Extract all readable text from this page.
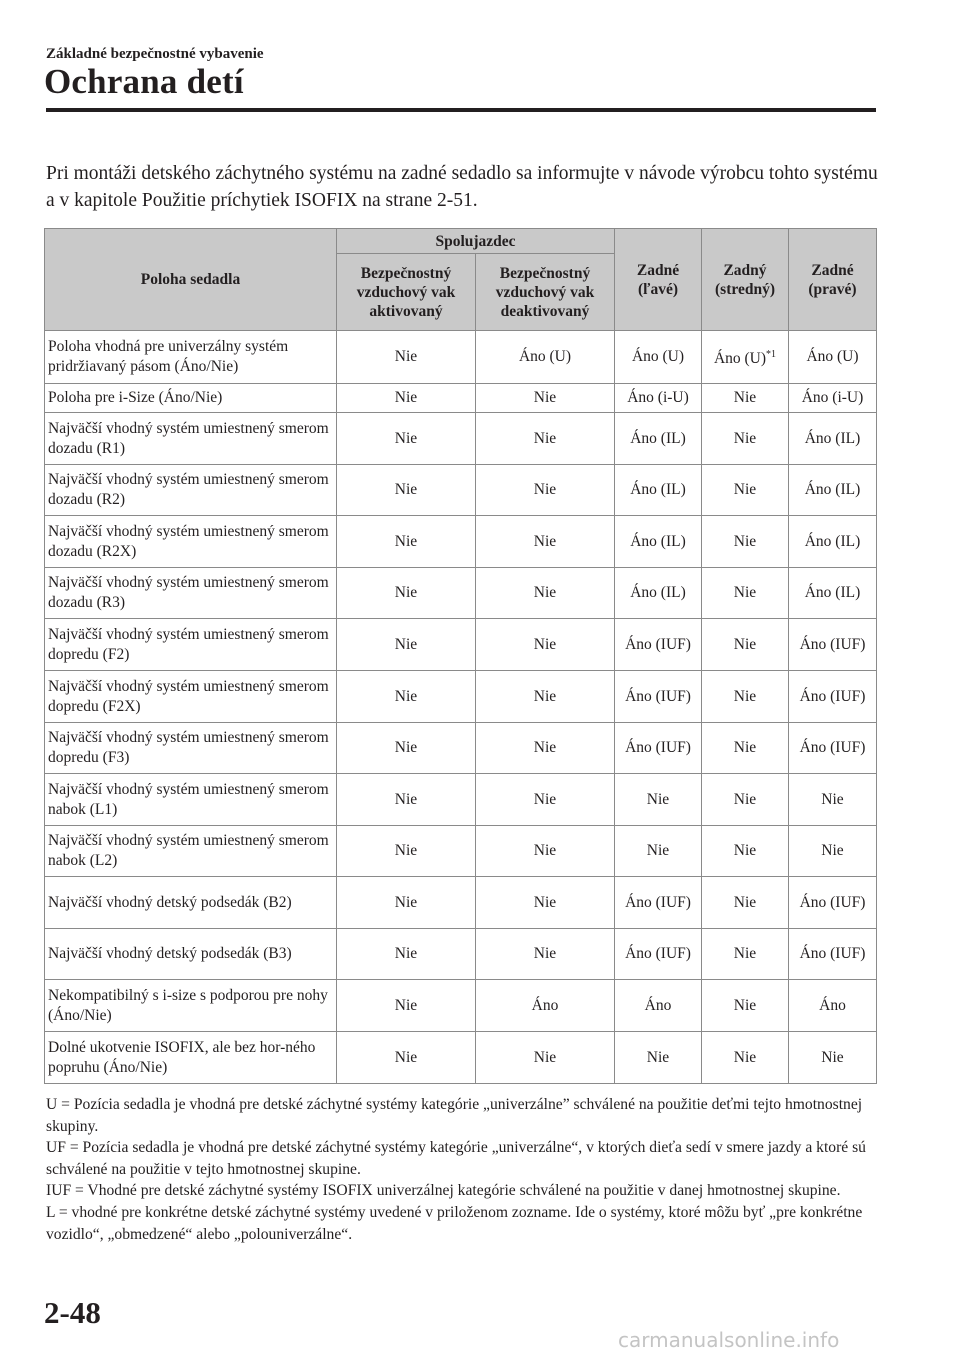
Základné bezpečnostné vybavenie
Ochrana detí
Pri montáži detského záchytného systému na zadné sedadlo sa informujte v návode výrobcu tohto systému a v kapitole Použitie príchytiek ISOFIX na strane 2-51.
Poloha sedadla	Spolujazdec		Zadné (ľavé)	Zadný (stredný)	Zadné (pravé)
	Bezpečnostný vzduchový vak aktivovaný	Bezpečnostný vzduchový vak deaktivovaný			
Poloha vhodná pre univerzálny systém pridržiavaný pásom (Áno/Nie)	Nie	Áno (U)	Áno (U)	Áno $(U)^{*1}$	Áno (U)
Poloha pre i-Size (Áno/Nie)	Nie	Nie	Áno (i-U)	Nie	Áno (i-U)
Najväčší vhodný systém umiestnený smerom dozadu (R1)	Nie	Nie	Áno (IL)	Nie	Áno (IL)
Najväčší vhodný systém umiestnený smerom dozadu (R2)	Nie	Nie	Áno (IL)	Nie	Áno (IL)
Najväčší vhodný systém umiestnený smerom dozadu (R2X)	Nie	Nie	Áno (IL)	Nie	Áno (IL)
Najväčší vhodný systém umiestnený smerom dozadu (R3)	Nie	Nie	Áno (IL)	Nie	Áno (IL)
Najväčší vhodný systém umiestnený smerom dopredu (F2)	Nie	Nie	Áno (IUF)	Nie	Áno (IUF)
Najväčší vhodný systém umiestnený smerom dopredu (F2X)	Nie	Nie	Áno (IUF)	Nie	Áno (IUF)
Najväčší vhodný systém umiestnený smerom dopredu (F3)	Nie	Nie	Áno (IUF)	Nie	Áno (IUF)
Najväčší vhodný systém umiestnený smerom nabok (L1)	Nie	Nie	Nie	Nie	Nie
Najväčší vhodný systém umiestnený smerom nabok (L2)	Nie	Nie	Nie	Nie	Nie
Najväčší vhodný detský podsedák (B2)	Nie	Nie	Áno (IUF)	Nie	Áno (IUF)
Najväčší vhodný detský podsedák (B3)	Nie	Nie	Áno (IUF)	Nie	Áno (IUF)
Nekompatibilný s i-size s podporou pre nohy (Áno/Nie)	Nie	Áno	Áno	Nie	Áno
Dolné ukotvenie ISOFIX, ale bez hor-ného popruhu (Áno/Nie)	Nie	Nie	Nie	Nie	Nie

U = Pozícia sedadla je vhodná pre detské záchytné systémy kategórie „univerzálne” schválené na použitie deťmi tejto hmotnostnej skupiny.

UF = Pozícia sedadla je vhodná pre detské záchytné systémy kategórie „univerzálne“, v ktorých dieťa sedí v smere jazdy a ktoré sú schválené na použitie v tejto hmotnostnej skupine.

IUF = Vhodné pre detské záchytné systémy ISOFIX univerzálnej kategórie schválené na použitie v danej hmotnostnej skupine.

L = vhodné pre konkrétne detské záchytné systémy uvedené v priloženom zozname. Ide o systémy, ktoré môžu byť „pre konkrétne vozidlo“, „obmedzené“ alebo „polouniverzálne“.

2-48
carmanualsonline.info
